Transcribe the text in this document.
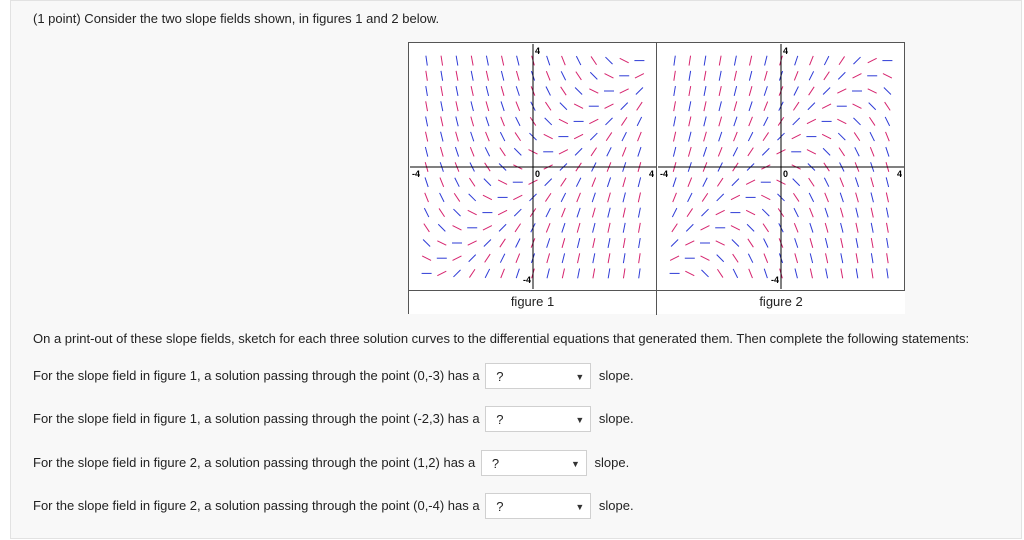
(1 point) Consider the two slope fields shown, in figures 1 and 2 below.
4
-4
-4	4
0
figure 1
4
-4
-4	4
0
figure 2
On a print-out of these slope fields, sketch for each three solution curves to the differential equations that generated them. Then complete the following statements:
For the slope field in figure 1, a solution passing through the point (0,-3) has a ?	▼ slope.
For the slope field in figure 1, a solution passing through the point (-2,3) has a ?	▼ slope.
For the slope field in figure 2, a solution passing through the point (1,2) has a ?	▼ slope.
For the slope field in figure 2, a solution passing through the point (0,-4) has a ?	▼ slope.
